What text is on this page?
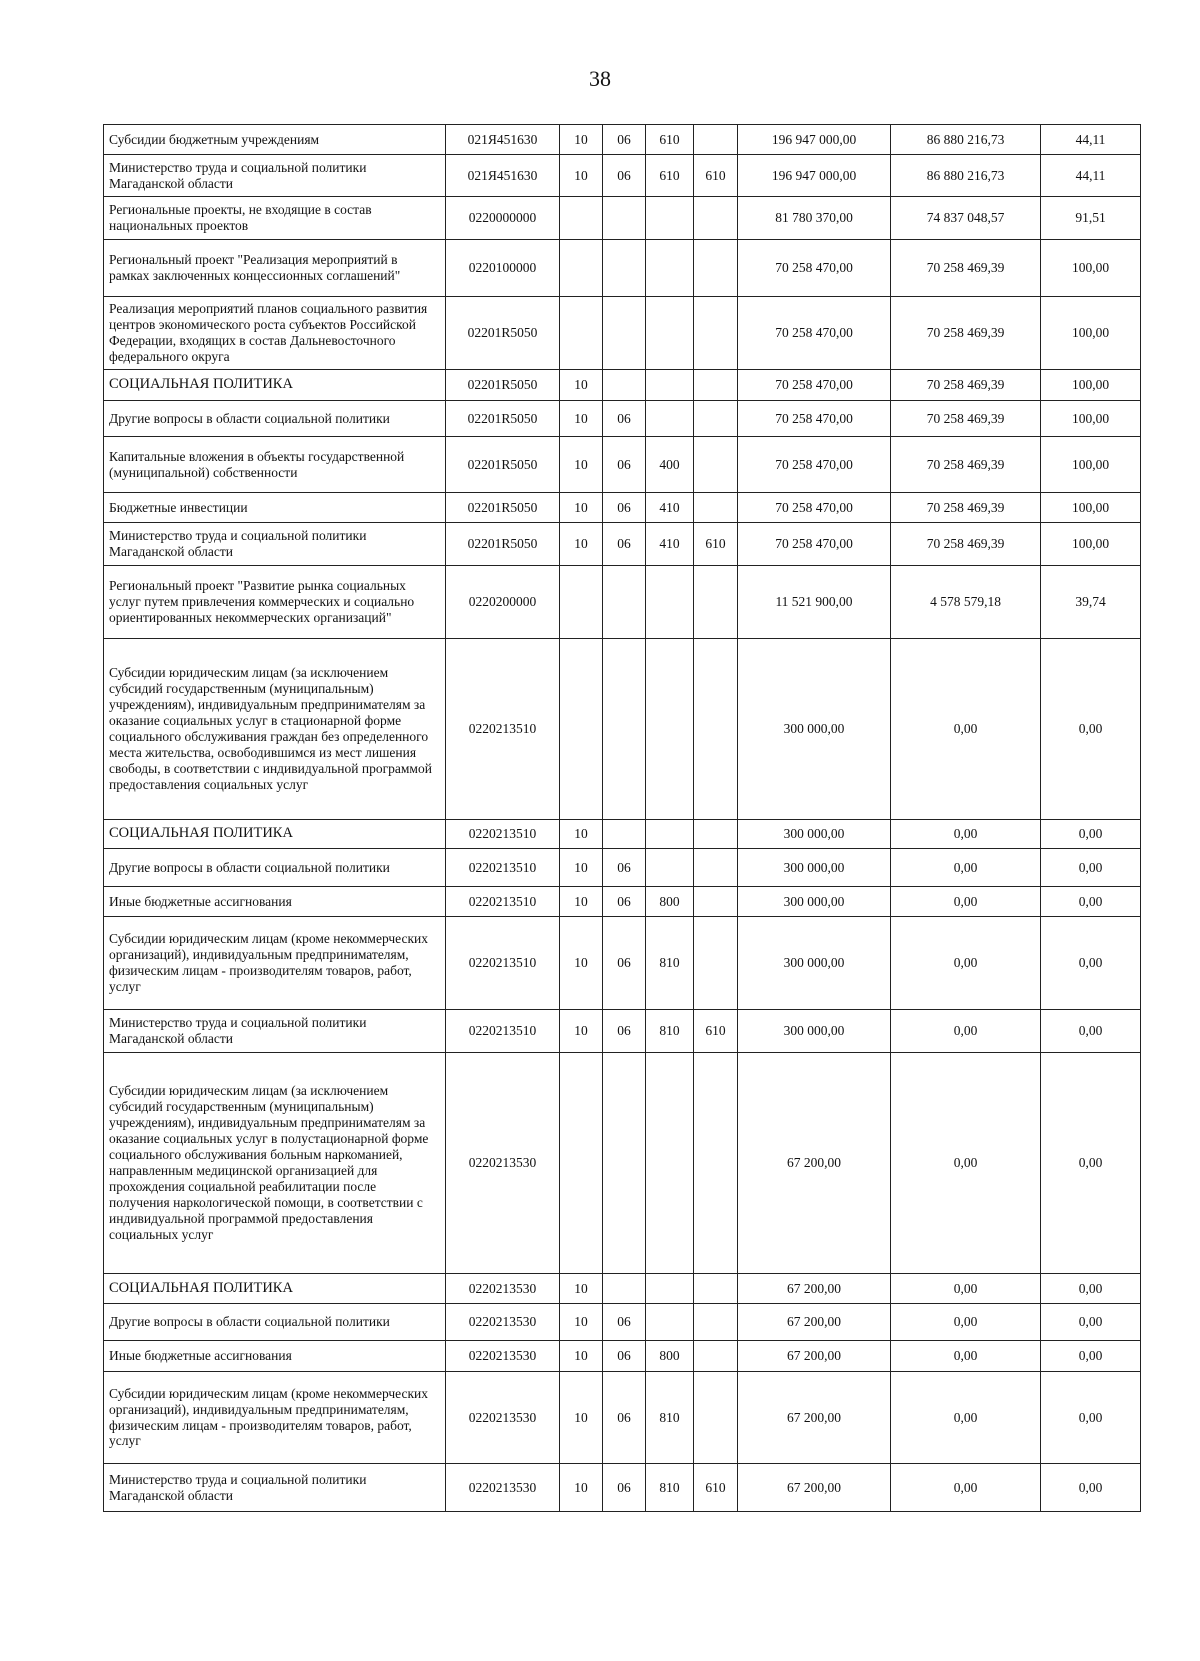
38
Субсидии бюджетным учреждениям	021Я451630	10	06	610		196 947 000,00	86 880 216,73	44,11
Министерство труда и социальной политики Магаданской области	021Я451630	10	06	610	610	196 947 000,00	86 880 216,73	44,11
Региональные проекты, не входящие в состав национальных проектов	0220000000					81 780 370,00	74 837 048,57	91,51
Региональный проект "Реализация мероприятий в рамках заключенных концессионных соглашений"	0220100000					70 258 470,00	70 258 469,39	100,00
Реализация мероприятий планов социального развития центров экономического роста субъектов Российской Федерации, входящих в состав Дальневосточного федерального округа	02201R5050					70 258 470,00	70 258 469,39	100,00
СОЦИАЛЬНАЯ ПОЛИТИКА	02201R5050	10				70 258 470,00	70 258 469,39	100,00
Другие вопросы в области социальной политики	02201R5050	10	06			70 258 470,00	70 258 469,39	100,00
Капитальные вложения в объекты государственной (муниципальной) собственности	02201R5050	10	06	400		70 258 470,00	70 258 469,39	100,00
Бюджетные инвестиции	02201R5050	10	06	410		70 258 470,00	70 258 469,39	100,00
Министерство труда и социальной политики Магаданской области	02201R5050	10	06	410	610	70 258 470,00	70 258 469,39	100,00
Региональный проект "Развитие рынка социальных услуг путем привлечения коммерческих и социально ориентированных некоммерческих организаций"	0220200000					11 521 900,00	4 578 579,18	39,74
Субсидии юридическим лицам (за исключением субсидий государственным (муниципальным) учреждениям), индивидуальным предпринимателям за оказание социальных услуг в стационарной форме социального обслуживания граждан без определенного места жительства, освободившимся из мест лишения свободы, в соответствии с индивидуальной программой предоставления социальных услуг	0220213510					300 000,00	0,00	0,00
СОЦИАЛЬНАЯ ПОЛИТИКА	0220213510	10				300 000,00	0,00	0,00
Другие вопросы в области социальной политики	0220213510	10	06			300 000,00	0,00	0,00
Иные бюджетные ассигнования	0220213510	10	06	800		300 000,00	0,00	0,00
Субсидии юридическим лицам (кроме некоммерческих организаций), индивидуальным предпринимателям, физическим лицам - производителям товаров, работ, услуг	0220213510	10	06	810		300 000,00	0,00	0,00
Министерство труда и социальной политики Магаданской области	0220213510	10	06	810	610	300 000,00	0,00	0,00
Субсидии юридическим лицам (за исключением субсидий государственным (муниципальным) учреждениям), индивидуальным предпринимателям за оказание социальных услуг в полустационарной форме социального обслуживания больным наркоманией, направленным медицинской организацией для прохождения социальной реабилитации после получения наркологической помощи, в соответствии с индивидуальной программой предоставления социальных услуг	0220213530					67 200,00	0,00	0,00
СОЦИАЛЬНАЯ ПОЛИТИКА	0220213530	10				67 200,00	0,00	0,00
Другие вопросы в области социальной политики	0220213530	10	06			67 200,00	0,00	0,00
Иные бюджетные ассигнования	0220213530	10	06	800		67 200,00	0,00	0,00
Субсидии юридическим лицам (кроме некоммерческих организаций), индивидуальным предпринимателям, физическим лицам - производителям товаров, работ, услуг	0220213530	10	06	810		67 200,00	0,00	0,00
Министерство труда и социальной политики Магаданской области	0220213530	10	06	810	610	67 200,00	0,00	0,00
